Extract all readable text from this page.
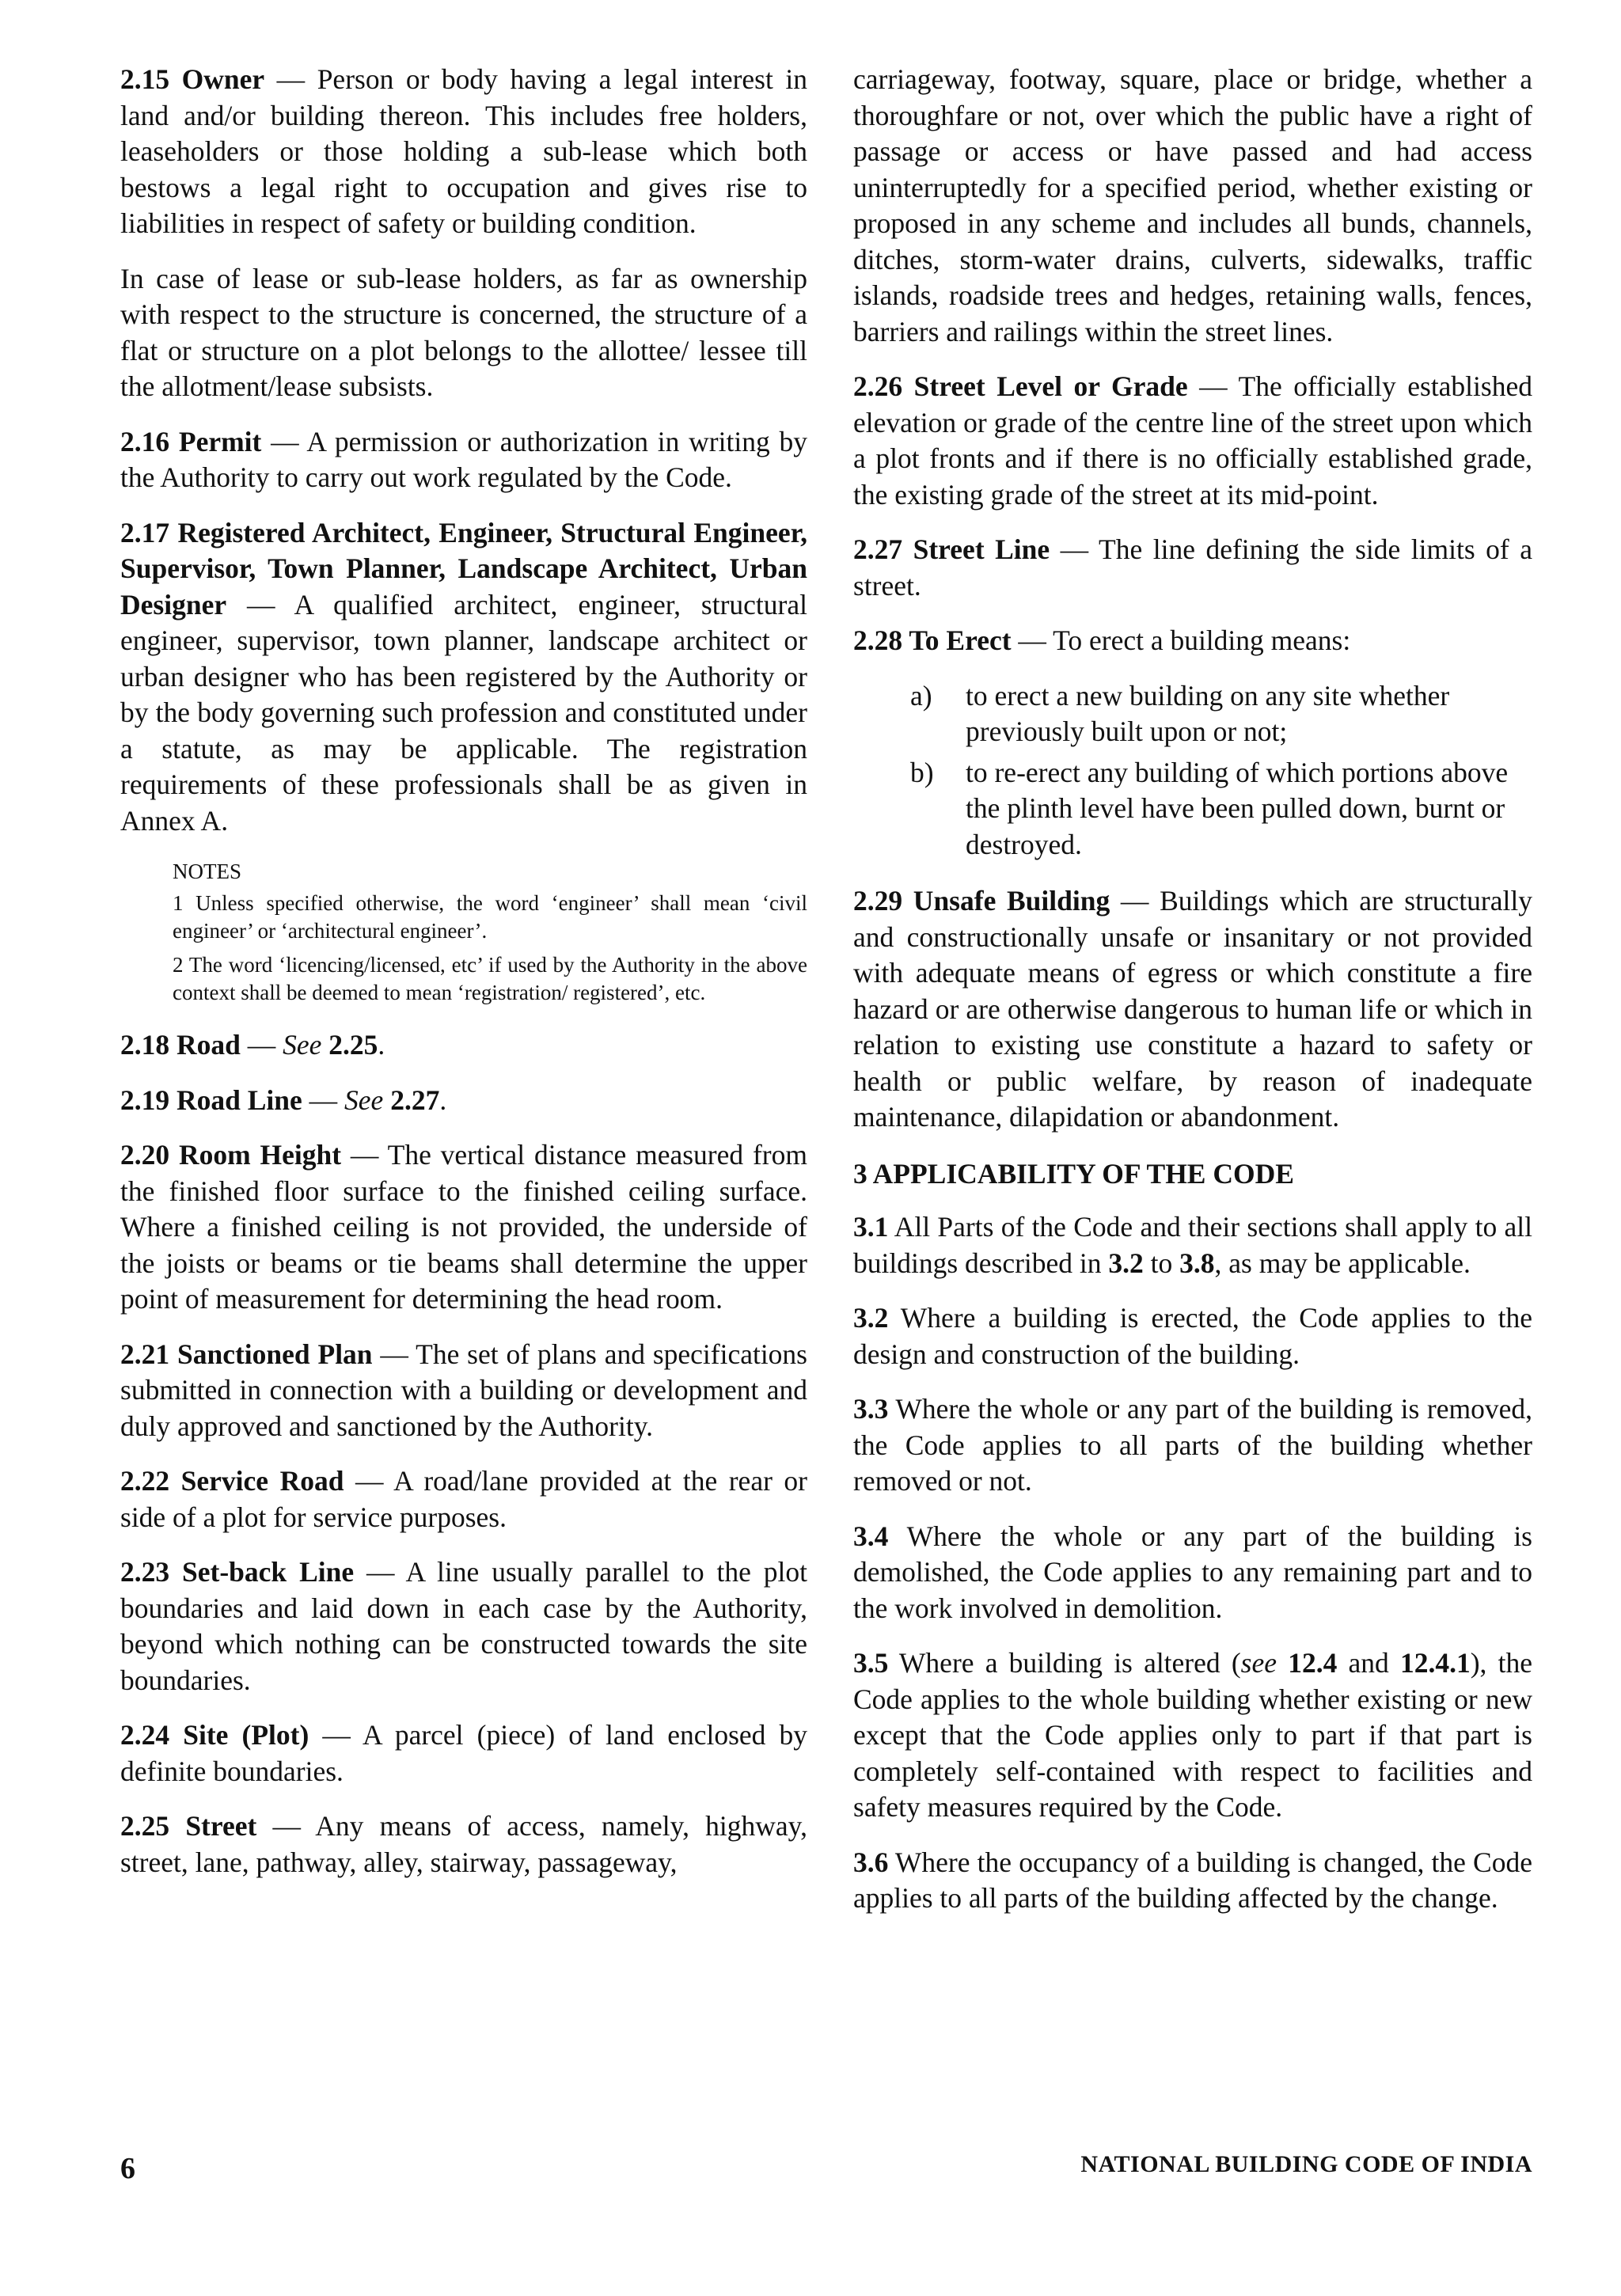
2.15 Owner — Person or body having a legal interest in land and/or building thereon. This includes free holders, leaseholders or those holding a sub-lease which both bestows a legal right to occupation and gives rise to liabilities in respect of safety or building condition.

In case of lease or sub-lease holders, as far as ownership with respect to the structure is concerned, the structure of a flat or structure on a plot belongs to the allottee/ lessee till the allotment/lease subsists.

2.16 Permit — A permission or authorization in writing by the Authority to carry out work regulated by the Code.

2.17 Registered Architect, Engineer, Structural Engineer, Supervisor, Town Planner, Landscape Architect, Urban Designer — A qualified architect, engineer, structural engineer, supervisor, town planner, landscape architect or urban designer who has been registered by the Authority or by the body governing such profession and constituted under a statute, as may be applicable. The registration requirements of these professionals shall be as given in Annex A.

NOTES

1 Unless specified otherwise, the word ‘engineer’ shall mean ‘civil engineer’ or ‘architectural engineer’.

2 The word ‘licencing/licensed, etc’ if used by the Authority in the above context shall be deemed to mean ‘registration/ registered’, etc.

2.18 Road — See 2.25.

2.19 Road Line — See 2.27.

2.20 Room Height — The vertical distance measured from the finished floor surface to the finished ceiling surface. Where a finished ceiling is not provided, the underside of the joists or beams or tie beams shall determine the upper point of measurement for determining the head room.

2.21 Sanctioned Plan — The set of plans and specifications submitted in connection with a building or development and duly approved and sanctioned by the Authority.

2.22 Service Road — A road/lane provided at the rear or side of a plot for service purposes.

2.23 Set-back Line — A line usually parallel to the plot boundaries and laid down in each case by the Authority, beyond which nothing can be constructed towards the site boundaries.

2.24 Site (Plot) — A parcel (piece) of land enclosed by definite boundaries.

2.25 Street — Any means of access, namely, highway, street, lane, pathway, alley, stairway, passageway,

carriageway, footway, square, place or bridge, whether a thoroughfare or not, over which the public have a right of passage or access or have passed and had access uninterruptedly for a specified period, whether existing or proposed in any scheme and includes all bunds, channels, ditches, storm-water drains, culverts, sidewalks, traffic islands, roadside trees and hedges, retaining walls, fences, barriers and railings within the street lines.

2.26 Street Level or Grade — The officially established elevation or grade of the centre line of the street upon which a plot fronts and if there is no officially established grade, the existing grade of the street at its mid-point.

2.27 Street Line — The line defining the side limits of a street.

2.28 To Erect — To erect a building means:

a) to erect a new building on any site whether previously built upon or not;
b) to re-erect any building of which portions above the plinth level have been pulled down, burnt or destroyed.

2.29 Unsafe Building — Buildings which are structurally and constructionally unsafe or insanitary or not provided with adequate means of egress or which constitute a fire hazard or are otherwise dangerous to human life or which in relation to existing use constitute a hazard to safety or health or public welfare, by reason of inadequate maintenance, dilapidation or abandonment.

3 APPLICABILITY OF THE CODE

3.1 All Parts of the Code and their sections shall apply to all buildings described in 3.2 to 3.8, as may be applicable.

3.2 Where a building is erected, the Code applies to the design and construction of the building.

3.3 Where the whole or any part of the building is removed, the Code applies to all parts of the building whether removed or not.

3.4 Where the whole or any part of the building is demolished, the Code applies to any remaining part and to the work involved in demolition.

3.5 Where a building is altered (see 12.4 and 12.4.1), the Code applies to the whole building whether existing or new except that the Code applies only to part if that part is completely self-contained with respect to facilities and safety measures required by the Code.

3.6 Where the occupancy of a building is changed, the Code applies to all parts of the building affected by the change.

6	NATIONAL BUILDING CODE OF INDIA
